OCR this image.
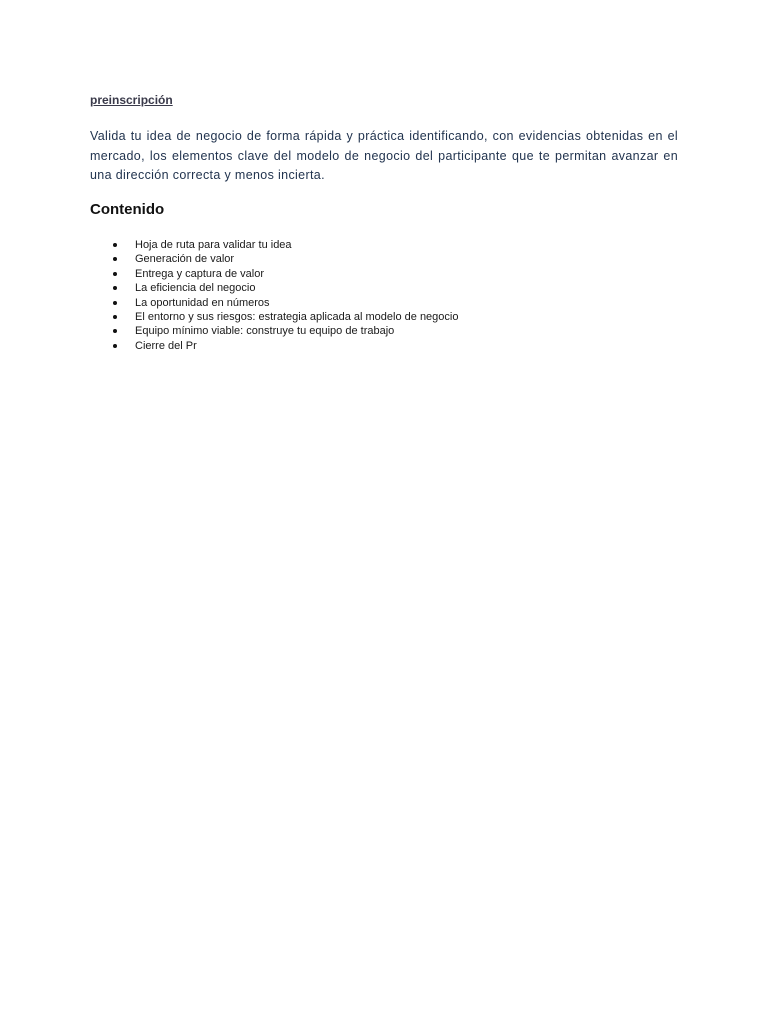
preinscripción

Valida tu idea de negocio de forma rápida y práctica identificando, con evidencias obtenidas en el mercado, los elementos clave del modelo de negocio del participante que te permitan avanzar en una dirección correcta y menos incierta.

Contenido
Hoja de ruta para validar tu idea
Generación de valor
Entrega y captura de valor
La eficiencia del negocio
La oportunidad en números
El entorno y sus riesgos: estrategia aplicada al modelo de negocio
Equipo mínimo viable: construye tu equipo de trabajo
Cierre del Pr
